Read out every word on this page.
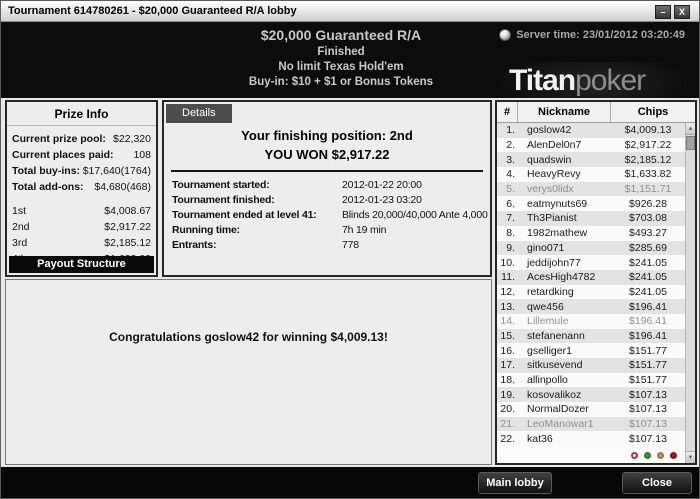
Tournament 614780261 - $20,000 Guaranteed R/A lobby	–	X
$20,000 Guaranteed R/A
Finished
No limit Texas Hold'em
Buy-in: $10 + $1 or Bonus Tokens
Server time: 23/01/2012 03:20:49
Titanpoker
Prize Info
Current prize pool: $22,320
Current places paid: 108
Total buy-ins: $17,640(1764)
Total add-ons: $4,680(468)
1st	$4,008.67
2nd	$2,917.22
3rd	$2,185.12
Payout Structure
Details
Your finishing position: 2nd
YOU WON $2,917.22
Tournament started:	2012-01-22 20:00
Tournament finished:	2012-01-23 03:20
Tournament ended at level 41: Blinds 20,000/40,000 Ante 4,000
Running time:	7h 19 min
Entrants:	778
Congratulations goslow42 for winning $4,009.13!
#	Nickname	Chips
1.	goslow42	$4,009.13
2.	AlenDel0n7	$2,917.22
3.	quadswin	$2,185.12
4.	HeavyRevy	$1,633.82
5.	verys0lidx	$1,151.71
6.	eatmynuts69	$926.28
7.	Th3Pianist	$703.08
8.	1982mathew	$493.27
9.	gino071	$285.69
10.	jeddijohn77	$241.05
11.	AcesHigh4782	$241.05
12.	retardking	$241.05
13.	qwe456	$196.41
14.	Lillemule	$196.41
15.	stefanenann	$196.41
16.	gselliger1	$151.77
17.	sitkusevend	$151.77
18.	allinpollo	$151.77
19.	kosovalikoz	$107.13
20.	NormalDozer	$107.13
21.	LeoManowar1	$107.13
22.	kat36	$107.13
▲
▼
Main lobby	Close
